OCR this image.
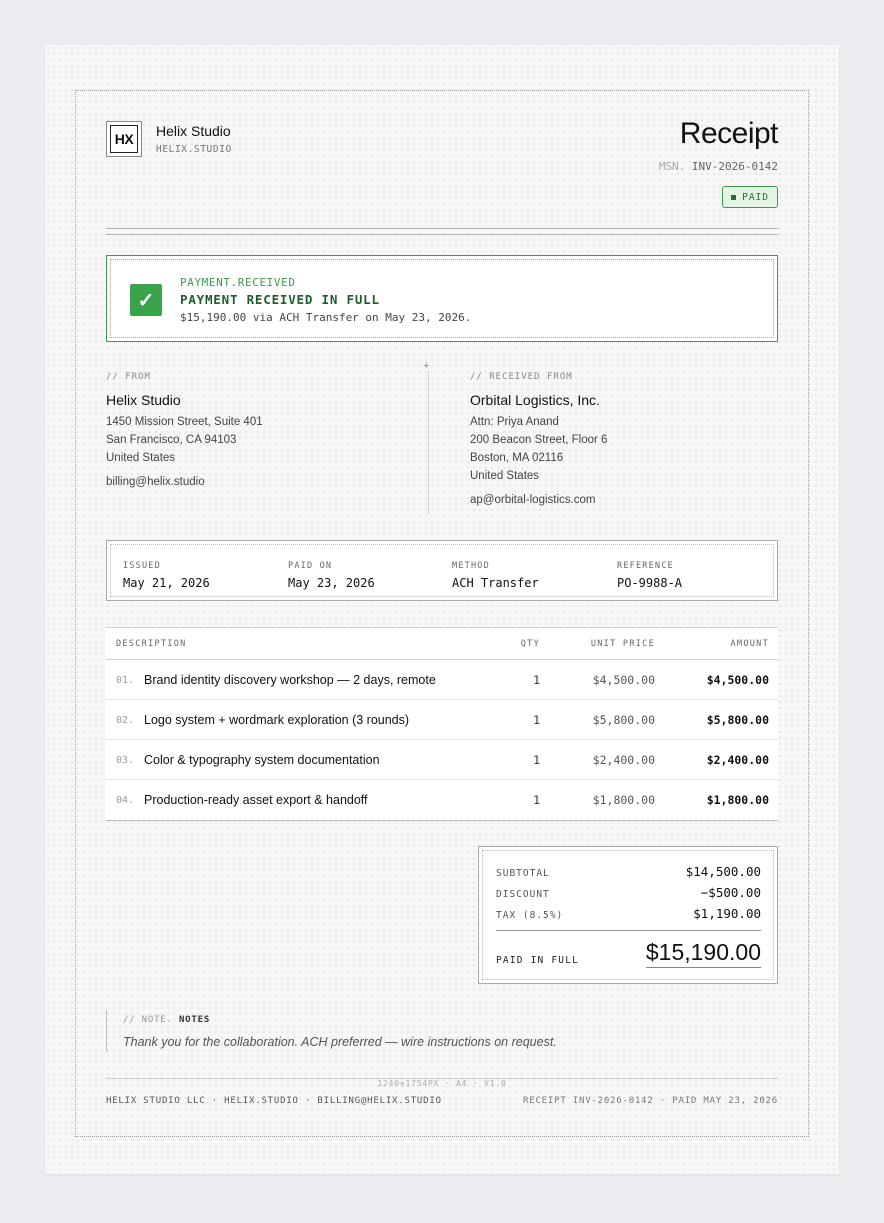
HX	Helix Studio
HELIX.STUDIO	Receipt
MSN. INV-2026-0142
PAID
✓
PAYMENT.RECEIVED
PAYMENT RECEIVED IN FULL
$15,190.00 via ACH Transfer on May 23, 2026.
// FROM
Helix Studio
1450 Mission Street, Suite 401
San Francisco, CA 94103
United States
billing@helix.studio
+
// RECEIVED FROM
Orbital Logistics, Inc.
Attn: Priya Anand
200 Beacon Street, Floor 6
Boston, MA 02116
United States
ap@orbital-logistics.com
ISSUED
May 21, 2026
PAID ON
May 23, 2026
METHOD
ACH Transfer
REFERENCE
PO-9988-A
DESCRIPTION	QTY	UNIT PRICE	AMOUNT
01. Brand identity discovery workshop — 2 days, remote	1	$4,500.00	$4,500.00
02. Logo system + wordmark exploration (3 rounds)	1	$5,800.00	$5,800.00
03. Color & typography system documentation	1	$2,400.00	$2,400.00
04. Production-ready asset export & handoff	1	$1,800.00	$1,800.00
SUBTOTAL	$14,500.00
DISCOUNT	−$500.00
TAX (8.5%)	$1,190.00
PAID IN FULL	$15,190.00
// NOTE. NOTES
Thank you for the collaboration. ACH preferred — wire instructions on request.
1240×1754PX · A4 · V1.0
HELIX STUDIO LLC · HELIX.STUDIO · BILLING@HELIX.STUDIO	RECEIPT INV-2026-0142 · PAID MAY 23, 2026
